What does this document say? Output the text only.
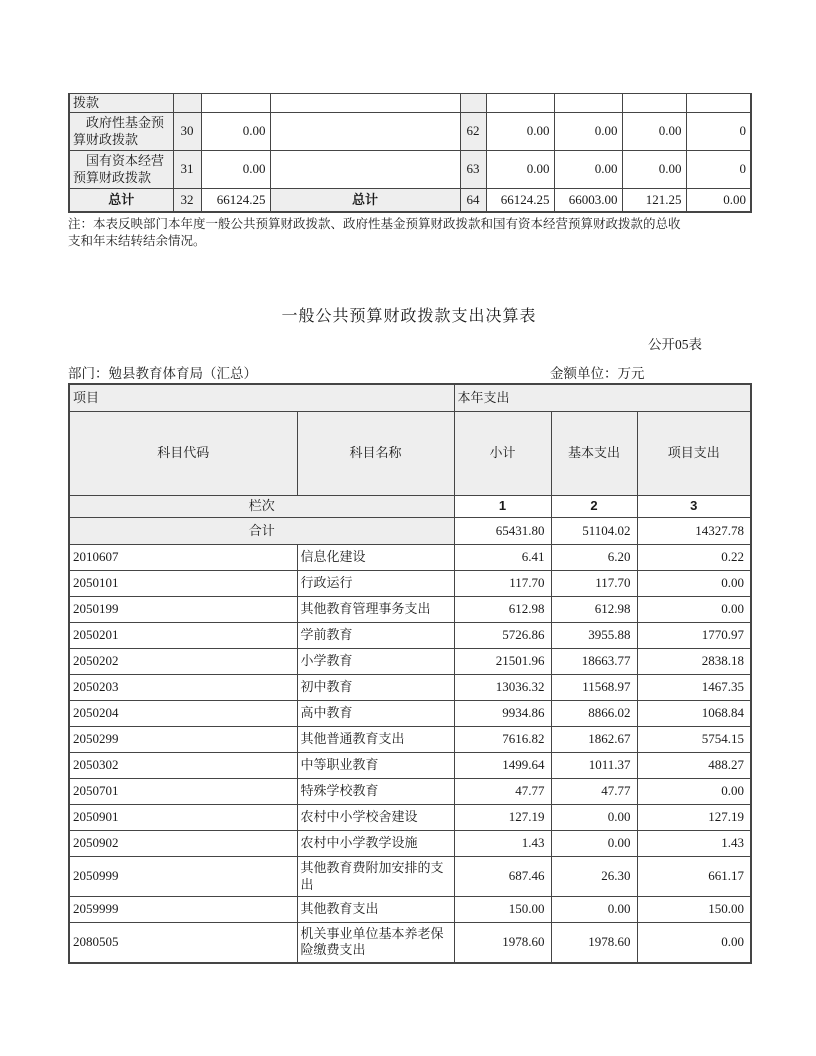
拨款								
政府性基金预算财政拨款	30	0.00		62	0.00	0.00	0.00	0
国有资本经营预算财政拨款	31	0.00		63	0.00	0.00	0.00	0
总计	32	66124.25	总计	64	66124.25	66003.00	121.25	0.00
注：本表反映部门本年度一般公共预算财政拨款、政府性基金预算财政拨款和国有资本经营预算财政拨款的总收支和年末结转结余情况。
一般公共预算财政拨款支出决算表
公开05表
部门：勉县教育体育局（汇总）	金额单位：万元
项目		本年支出		
科目代码	科目名称	小计	基本支出	项目支出
栏次		1	2	3
合计		65431.80	51104.02	14327.78
2010607	信息化建设	6.41	6.20	0.22
2050101	行政运行	117.70	117.70	0.00
2050199	其他教育管理事务支出	612.98	612.98	0.00
2050201	学前教育	5726.86	3955.88	1770.97
2050202	小学教育	21501.96	18663.77	2838.18
2050203	初中教育	13036.32	11568.97	1467.35
2050204	高中教育	9934.86	8866.02	1068.84
2050299	其他普通教育支出	7616.82	1862.67	5754.15
2050302	中等职业教育	1499.64	1011.37	488.27
2050701	特殊学校教育	47.77	47.77	0.00
2050901	农村中小学校舍建设	127.19	0.00	127.19
2050902	农村中小学教学设施	1.43	0.00	1.43
2050999	其他教育费附加安排的支出	687.46	26.30	661.17
2059999	其他教育支出	150.00	0.00	150.00
2080505	机关事业单位基本养老保险缴费支出	1978.60	1978.60	0.00
